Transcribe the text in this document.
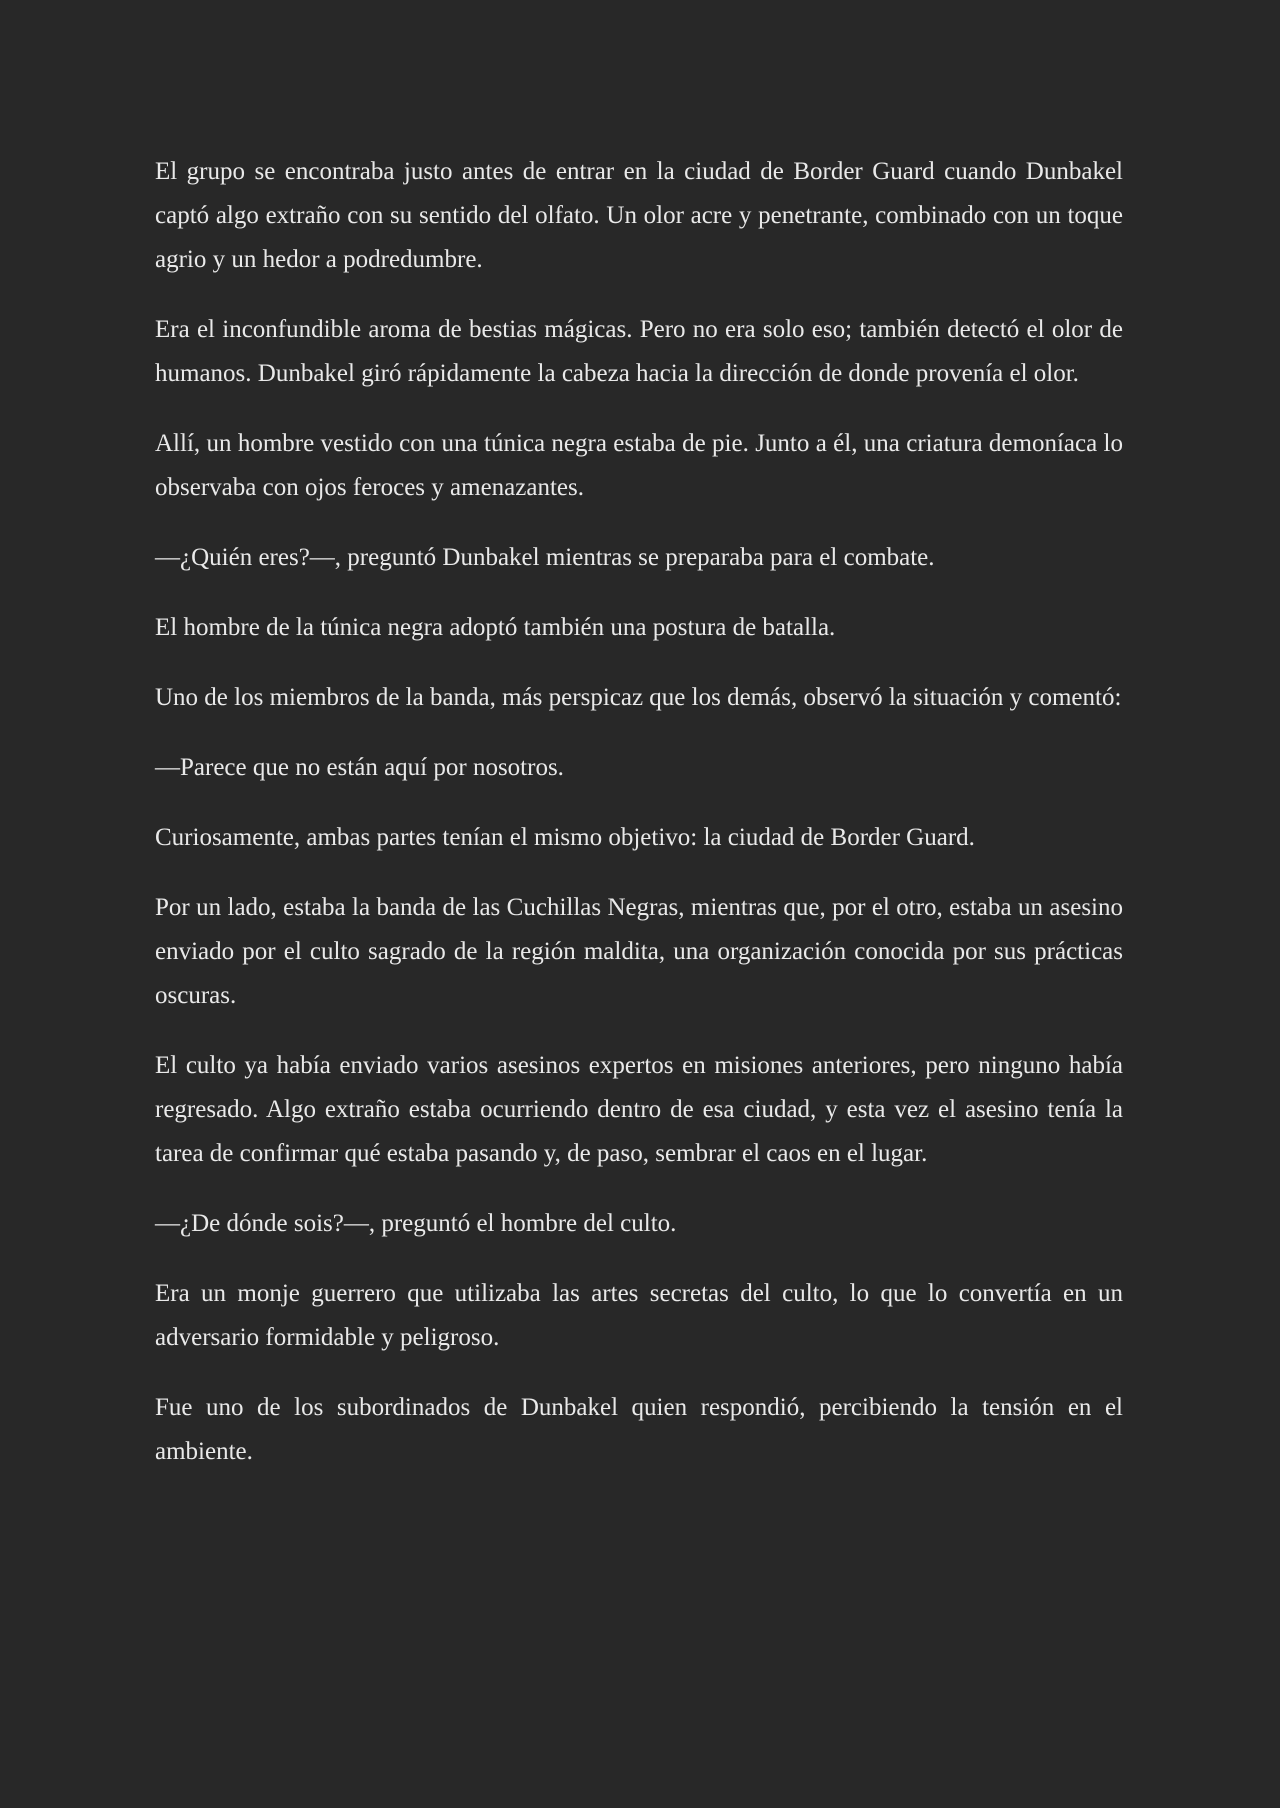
El grupo se encontraba justo antes de entrar en la ciudad de Border Guard cuando Dunbakel captó algo extraño con su sentido del olfato. Un olor acre y penetrante, combinado con un toque agrio y un hedor a podredumbre.

Era el inconfundible aroma de bestias mágicas. Pero no era solo eso; también detectó el olor de humanos. Dunbakel giró rápidamente la cabeza hacia la dirección de donde provenía el olor.

Allí, un hombre vestido con una túnica negra estaba de pie. Junto a él, una criatura demoníaca lo observaba con ojos feroces y amenazantes.

—¿Quién eres?—, preguntó Dunbakel mientras se preparaba para el combate.

El hombre de la túnica negra adoptó también una postura de batalla.

Uno de los miembros de la banda, más perspicaz que los demás, observó la situación y comentó:

—Parece que no están aquí por nosotros.

Curiosamente, ambas partes tenían el mismo objetivo: la ciudad de Border Guard.

Por un lado, estaba la banda de las Cuchillas Negras, mientras que, por el otro, estaba un asesino enviado por el culto sagrado de la región maldita, una organización conocida por sus prácticas oscuras.

El culto ya había enviado varios asesinos expertos en misiones anteriores, pero ninguno había regresado. Algo extraño estaba ocurriendo dentro de esa ciudad, y esta vez el asesino tenía la tarea de confirmar qué estaba pasando y, de paso, sembrar el caos en el lugar.

—¿De dónde sois?—, preguntó el hombre del culto.

Era un monje guerrero que utilizaba las artes secretas del culto, lo que lo convertía en un adversario formidable y peligroso.

Fue uno de los subordinados de Dunbakel quien respondió, percibiendo la tensión en el ambiente.
